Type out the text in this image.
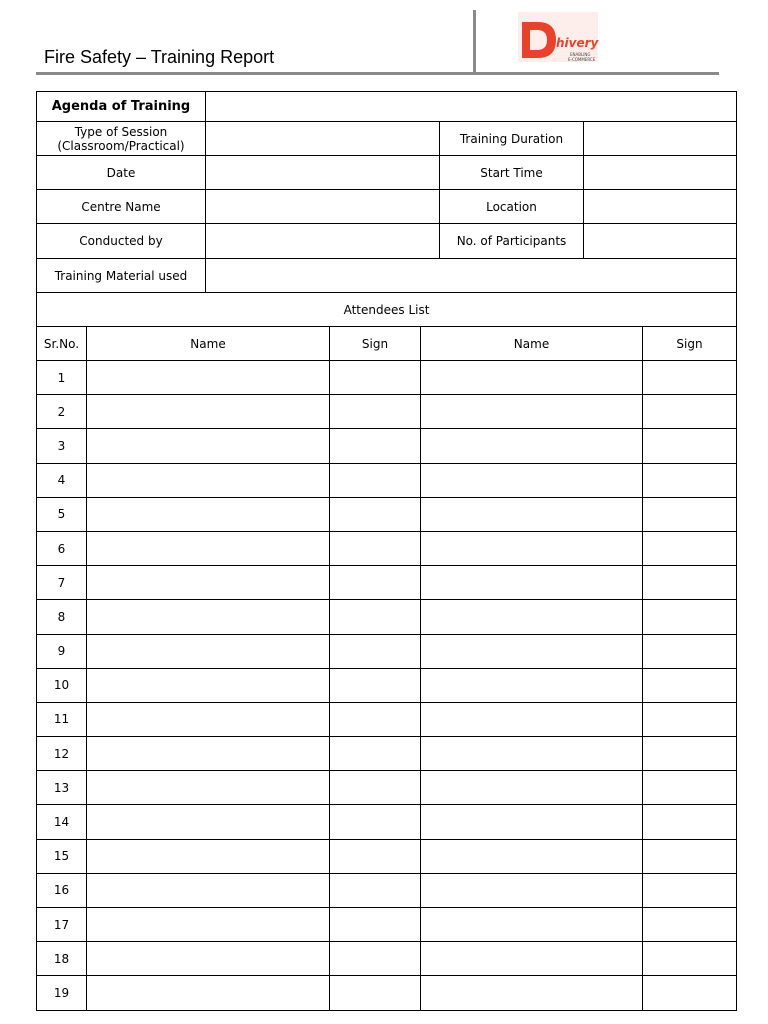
Fire Safety – Training Report
hivery
ENABLING
E-COMMERCE
Agenda of Training			

Type of Session
(Classroom/Practical)		Training Duration	
Date		Start Time	
Centre Name		Location	
Conducted by		No. of Participants	
Training Material used			
Attendees List				
Sr.No.	Name	Sign	Name	Sign
1				
2				
3				
4				
5				
6				
7				
8				
9				
10				
11				
12				
13				
14				
15				
16				
17				
18				
19				
